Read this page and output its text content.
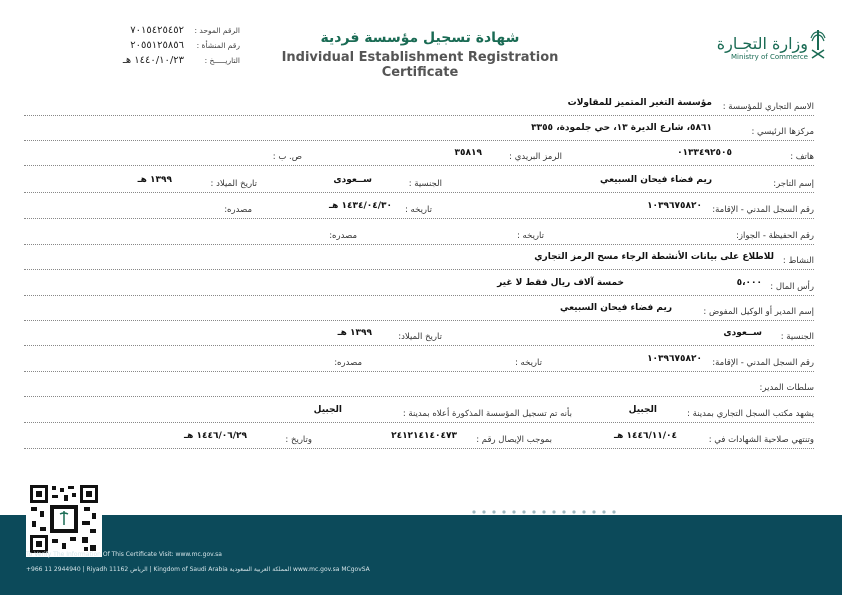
وزارة التجـارة
Ministry of Commerce
شهادة تسجيل مؤسسة فردية
Individual Establishment Registration Certificate
الرقم الموحد :
٧٠١٥٤٢٥٤٥٢
رقم المنشأة :
٢٠٥٥١٢٥٨٥٦
التاريـــــخ :
١٤٤٠/١٠/٢٣ هـ
الاسم التجاري للمؤسسة :
مؤسسة التغير المتميز للمقاولات
مركزها الرئيسي :
٥٨٦١، شارع الديرة ١٣، حي جلمودة، ٣٣٥٥
هاتف :
٠١٣٣٤٩٢٥٠٥
الرمز البريدي :
٣٥٨١٩
ص. ب :
إسم التاجر:
ريم فضاء فيحان السبيعي
الجنسية :
ســعودى
تاريخ الميلاد :
١٣٩٩ هـ
رقم السجل المدني - الإقامة:
١٠٣٩٦٧٥٨٢٠
تاريخه :
١٤٣٤/٠٤/٣٠ هـ
مصدره:
رقم الحفيظة - الجواز:
تاريخه :
مصدره:
النشاط :
للاطلاع على بيانات الأنشطة الرجاء مسح الرمز التجاري
رأس المال :
٥،٠٠٠
خمسة آلاف ريال فقط لا غير
إسم المدير أو الوكيل المفوض :
ريم فضاء فيحان السبيعي
الجنسية :
ســعودى
تاريخ الميلاد:
١٣٩٩ هـ
رقم السجل المدني - الإقامة:
١٠٣٩٦٧٥٨٢٠
تاريخه :
مصدره:
سلطات المدير:
يشهد مكتب السجل التجاري بمدينة :
الجبيل
بأنه تم تسجيل المؤسسة المذكورة أعلاه بمدينة :
الجبيل
وتنتهي صلاحية الشهادات في :
١٤٤٦/١١/٠٤ هـ
بموجب الإيصال رقم :
٢٤١٢١٤١٤٠٤٧٣
وتاريخ :
١٤٤٦/٠٦/٢٩ هـ
To Verify The Information Of This Certificate Visit: www.mc.gov.sa
+966 11 2944940 | Riyadh 11162 الرياض | Kingdom of Saudi Arabia المملكة العربية السعودية www.mc.gov.sa MCgovSA
